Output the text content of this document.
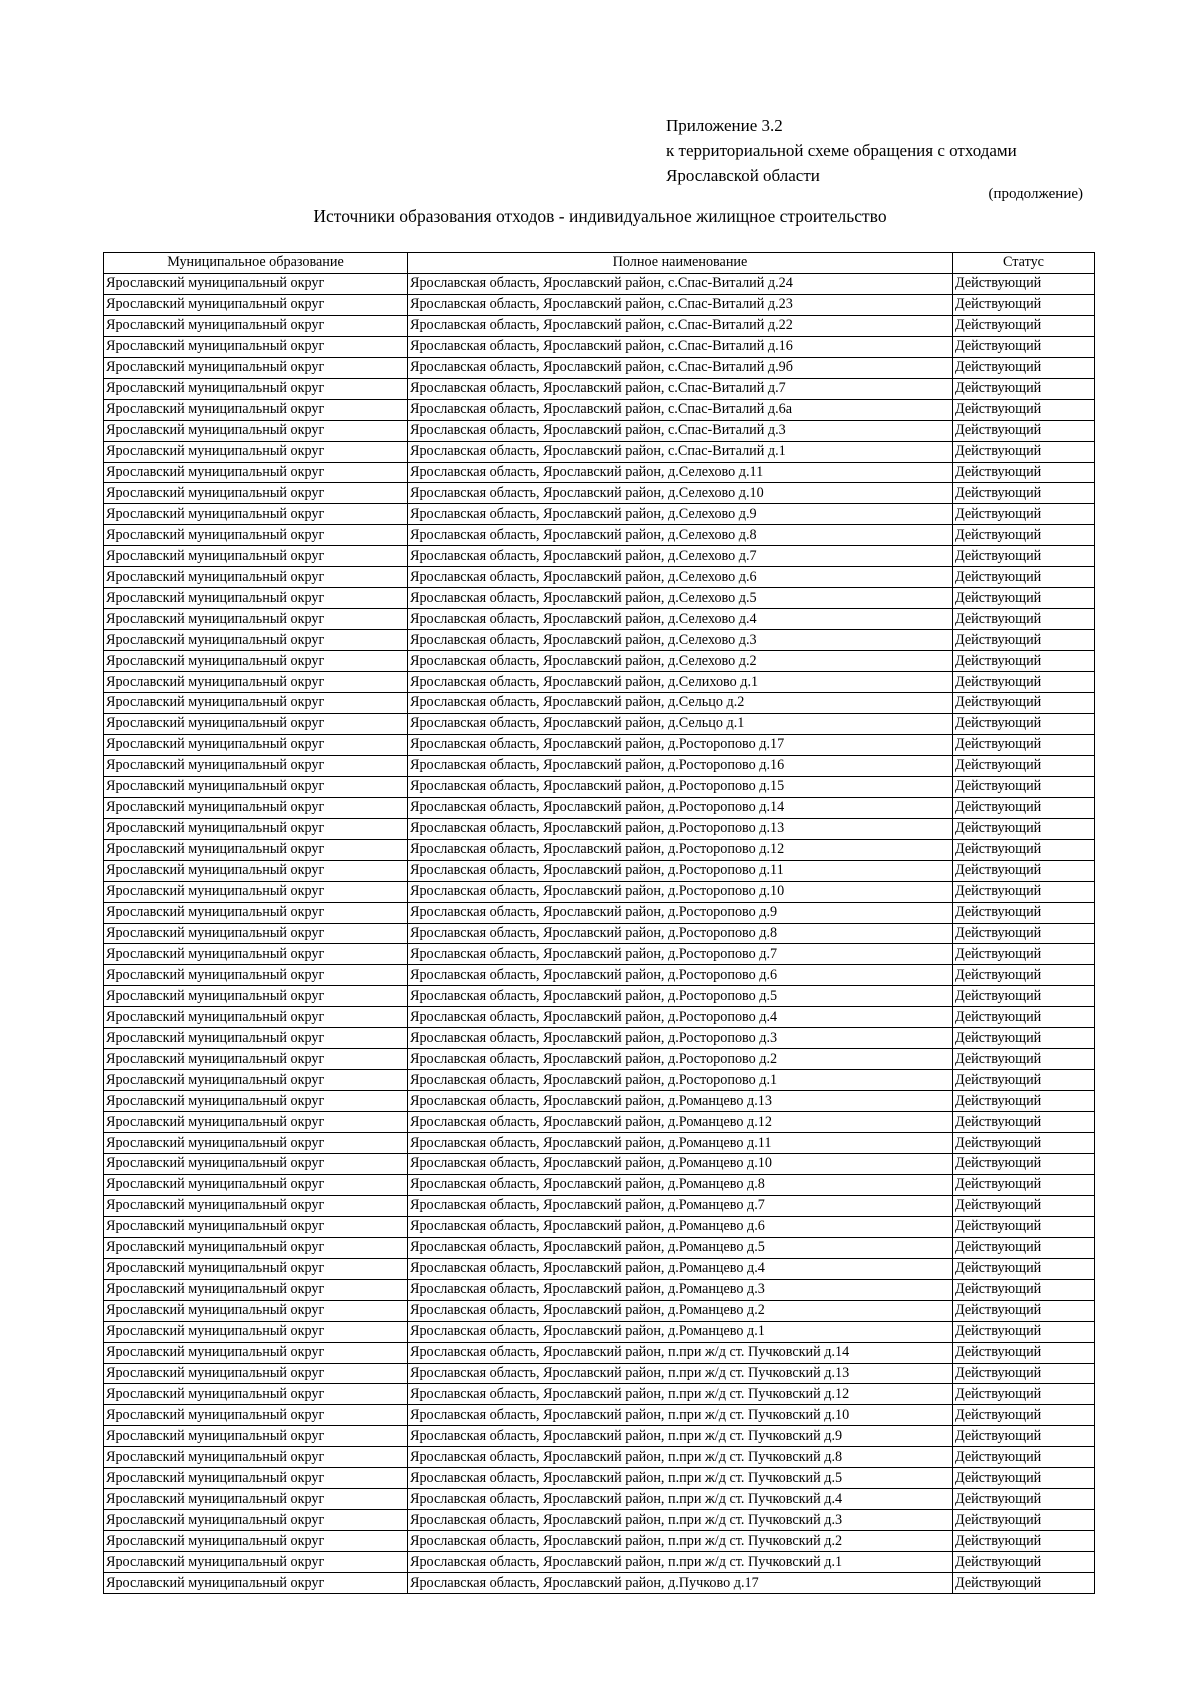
Приложение 3.2
к территориальной схеме обращения с отходами
Ярославской области
(продолжение)
Источники образования отходов - индивидуальное жилищное строительство
Муниципальное образование	Полное наименование	Статус
Ярославский муниципальный округ	Ярославская область, Ярославский район, с.Спас-Виталий д.24	Действующий
Ярославский муниципальный округ	Ярославская область, Ярославский район, с.Спас-Виталий д.23	Действующий
Ярославский муниципальный округ	Ярославская область, Ярославский район, с.Спас-Виталий д.22	Действующий
Ярославский муниципальный округ	Ярославская область, Ярославский район, с.Спас-Виталий д.16	Действующий
Ярославский муниципальный округ	Ярославская область, Ярославский район, с.Спас-Виталий д.9б	Действующий
Ярославский муниципальный округ	Ярославская область, Ярославский район, с.Спас-Виталий д.7	Действующий
Ярославский муниципальный округ	Ярославская область, Ярославский район, с.Спас-Виталий д.6а	Действующий
Ярославский муниципальный округ	Ярославская область, Ярославский район, с.Спас-Виталий д.3	Действующий
Ярославский муниципальный округ	Ярославская область, Ярославский район, с.Спас-Виталий д.1	Действующий
Ярославский муниципальный округ	Ярославская область, Ярославский район, д.Селехово д.11	Действующий
Ярославский муниципальный округ	Ярославская область, Ярославский район, д.Селехово д.10	Действующий
Ярославский муниципальный округ	Ярославская область, Ярославский район, д.Селехово д.9	Действующий
Ярославский муниципальный округ	Ярославская область, Ярославский район, д.Селехово д.8	Действующий
Ярославский муниципальный округ	Ярославская область, Ярославский район, д.Селехово д.7	Действующий
Ярославский муниципальный округ	Ярославская область, Ярославский район, д.Селехово д.6	Действующий
Ярославский муниципальный округ	Ярославская область, Ярославский район, д.Селехово д.5	Действующий
Ярославский муниципальный округ	Ярославская область, Ярославский район, д.Селехово д.4	Действующий
Ярославский муниципальный округ	Ярославская область, Ярославский район, д.Селехово д.3	Действующий
Ярославский муниципальный округ	Ярославская область, Ярославский район, д.Селехово д.2	Действующий
Ярославский муниципальный округ	Ярославская область, Ярославский район, д.Селихово д.1	Действующий
Ярославский муниципальный округ	Ярославская область, Ярославский район, д.Сельцо д.2	Действующий
Ярославский муниципальный округ	Ярославская область, Ярославский район, д.Сельцо д.1	Действующий
Ярославский муниципальный округ	Ярославская область, Ярославский район, д.Ростоpопово д.17	Действующий
Ярославский муниципальный округ	Ярославская область, Ярославский район, д.Ростоpопово д.16	Действующий
Ярославский муниципальный округ	Ярославская область, Ярославский район, д.Ростоpопово д.15	Действующий
Ярославский муниципальный округ	Ярославская область, Ярославский район, д.Ростоpопово д.14	Действующий
Ярославский муниципальный округ	Ярославская область, Ярославский район, д.Ростоpопово д.13	Действующий
Ярославский муниципальный округ	Ярославская область, Ярославский район, д.Ростоpопово д.12	Действующий
Ярославский муниципальный округ	Ярославская область, Ярославский район, д.Ростоpопово д.11	Действующий
Ярославский муниципальный округ	Ярославская область, Ярославский район, д.Ростоpопово д.10	Действующий
Ярославский муниципальный округ	Ярославская область, Ярославский район, д.Ростоpопово д.9	Действующий
Ярославский муниципальный округ	Ярославская область, Ярославский район, д.Ростоpопово д.8	Действующий
Ярославский муниципальный округ	Ярославская область, Ярославский район, д.Ростоpопово д.7	Действующий
Ярославский муниципальный округ	Ярославская область, Ярославский район, д.Ростоpопово д.6	Действующий
Ярославский муниципальный округ	Ярославская область, Ярославский район, д.Ростоpопово д.5	Действующий
Ярославский муниципальный округ	Ярославская область, Ярославский район, д.Ростоpопово д.4	Действующий
Ярославский муниципальный округ	Ярославская область, Ярославский район, д.Ростоpопово д.3	Действующий
Ярославский муниципальный округ	Ярославская область, Ярославский район, д.Ростоpопово д.2	Действующий
Ярославский муниципальный округ	Ярославская область, Ярославский район, д.Ростоpопово д.1	Действующий
Ярославский муниципальный округ	Ярославская область, Ярославский район, д.Романцево д.13	Действующий
Ярославский муниципальный округ	Ярославская область, Ярославский район, д.Романцево д.12	Действующий
Ярославский муниципальный округ	Ярославская область, Ярославский район, д.Романцево д.11	Действующий
Ярославский муниципальный округ	Ярославская область, Ярославский район, д.Романцево д.10	Действующий
Ярославский муниципальный округ	Ярославская область, Ярославский район, д.Романцево д.8	Действующий
Ярославский муниципальный округ	Ярославская область, Ярославский район, д.Романцево д.7	Действующий
Ярославский муниципальный округ	Ярославская область, Ярославский район, д.Романцево д.6	Действующий
Ярославский муниципальный округ	Ярославская область, Ярославский район, д.Романцево д.5	Действующий
Ярославский муниципальный округ	Ярославская область, Ярославский район, д.Романцево д.4	Действующий
Ярославский муниципальный округ	Ярославская область, Ярославский район, д.Романцево д.3	Действующий
Ярославский муниципальный округ	Ярославская область, Ярославский район, д.Романцево д.2	Действующий
Ярославский муниципальный округ	Ярославская область, Ярославский район, д.Романцево д.1	Действующий
Ярославский муниципальный округ	Ярославская область, Ярославский район, п.при ж/д ст. Пучковский д.14	Действующий
Ярославский муниципальный округ	Ярославская область, Ярославский район, п.при ж/д ст. Пучковский д.13	Действующий
Ярославский муниципальный округ	Ярославская область, Ярославский район, п.при ж/д ст. Пучковский д.12	Действующий
Ярославский муниципальный округ	Ярославская область, Ярославский район, п.при ж/д ст. Пучковский д.10	Действующий
Ярославский муниципальный округ	Ярославская область, Ярославский район, п.при ж/д ст. Пучковский д.9	Действующий
Ярославский муниципальный округ	Ярославская область, Ярославский район, п.при ж/д ст. Пучковский д.8	Действующий
Ярославский муниципальный округ	Ярославская область, Ярославский район, п.при ж/д ст. Пучковский д.5	Действующий
Ярославский муниципальный округ	Ярославская область, Ярославский район, п.при ж/д ст. Пучковский д.4	Действующий
Ярославский муниципальный округ	Ярославская область, Ярославский район, п.при ж/д ст. Пучковский д.3	Действующий
Ярославский муниципальный округ	Ярославская область, Ярославский район, п.при ж/д ст. Пучковский д.2	Действующий
Ярославский муниципальный округ	Ярославская область, Ярославский район, п.при ж/д ст. Пучковский д.1	Действующий
Ярославский муниципальный округ	Ярославская область, Ярославский район, д.Пучково д.17	Действующий
